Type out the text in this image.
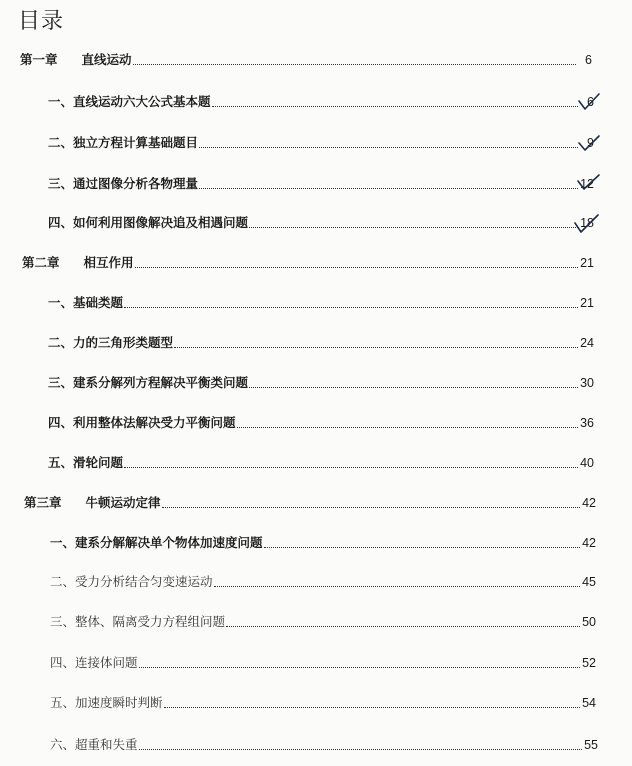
目录
第一章 直线运动	6
一、直线运动六大公式基本题	6
二、独立方程计算基础题目	9
三、通过图像分析各物理量	12
四、如何利用图像解决追及相遇问题	18
第二章 相互作用	21
一、基础类题	21
二、力的三角形类题型	24
三、建系分解列方程解决平衡类问题	30
四、利用整体法解决受力平衡问题	36
五、滑轮问题	40
第三章 牛顿运动定律	42
一、建系分解解决单个物体加速度问题	42
二、受力分析结合匀变速运动	45
三、整体、隔离受力方程组问题	50
四、连接体问题	52
五、加速度瞬时判断	54
六、超重和失重	55
